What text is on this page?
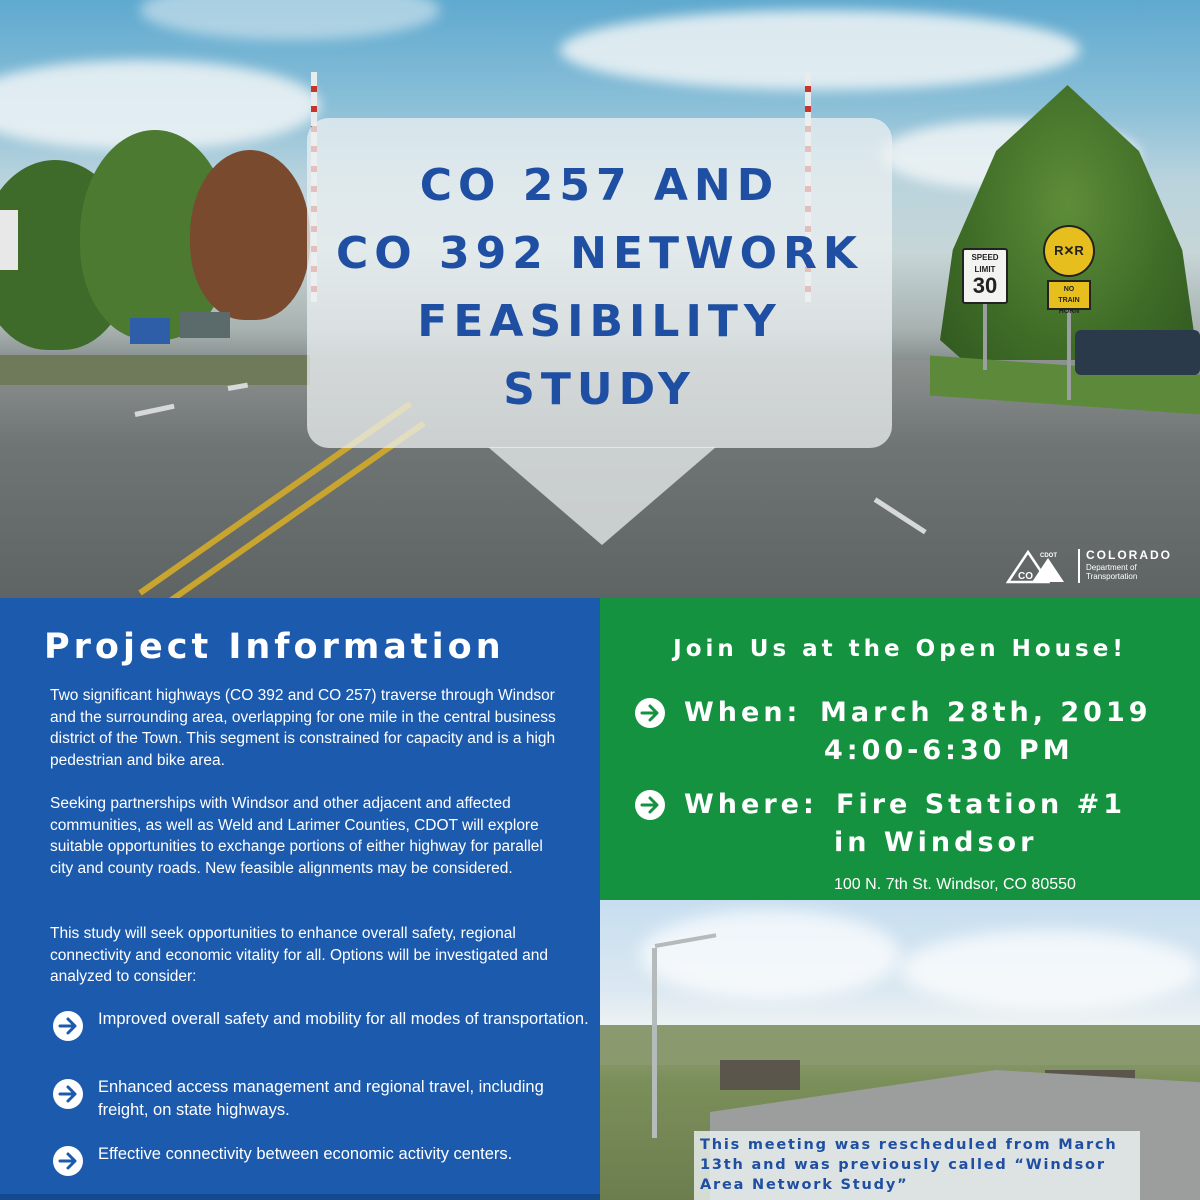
SPEED
LIMIT
30
R✕R
NO
TRAIN HORN
CO 257 AND
CO 392 NETWORK
FEASIBILITY
STUDY
CO
CDOT COLORADO
Department of
Transportation
Project Information
Two significant highways (CO 392 and CO 257) traverse through Windsor and the surrounding area, overlapping for one mile in the central business district of the Town. This segment is constrained for capacity and is a high pedestrian and bike area.
Seeking partnerships with Windsor and other adjacent and affected communities, as well as Weld and Larimer Counties, CDOT will explore suitable opportunities to exchange portions of either highway for parallel city and county roads. New feasible alignments may be considered.
This study will seek opportunities to enhance overall safety, regional connectivity and economic vitality for all. Options will be investigated and analyzed to consider:
Improved overall safety and mobility for all modes of transportation.
Enhanced access management and regional travel, including freight, on state highways.
Effective connectivity between economic activity centers.
Join Us at the Open House!
When: March 28th, 2019
4:00-6:30 PM
Where: Fire Station #1
in Windsor
100 N. 7th St. Windsor, CO 80550
This meeting was rescheduled from March 13th and was previously called “Windsor Area Network Study”
